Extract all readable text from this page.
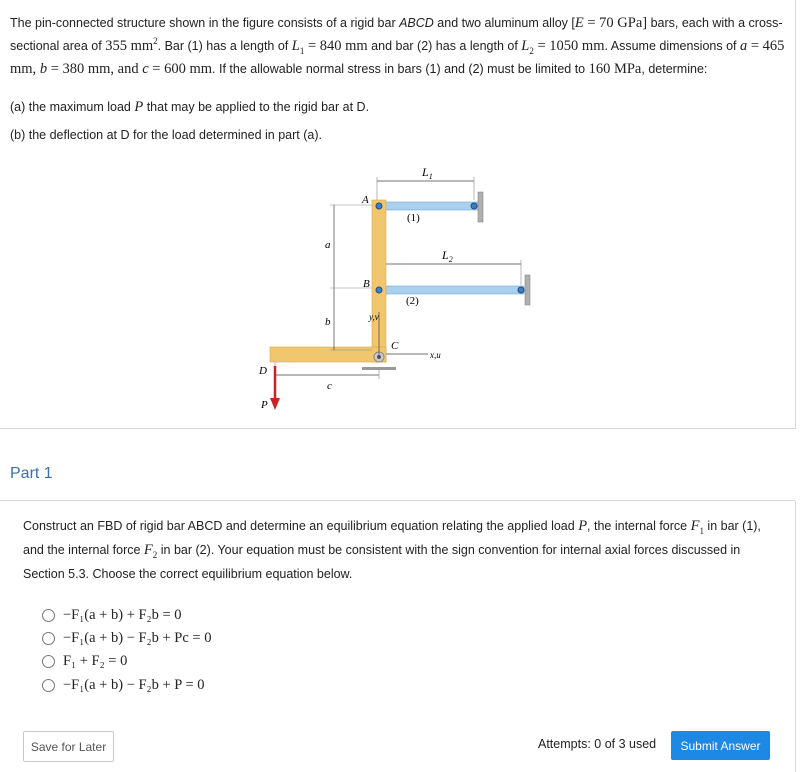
The pin-connected structure shown in the figure consists of a rigid bar ABCD and two aluminum alloy [E = 70 GPa] bars, each with a cross-sectional area of 355 $mm^2$. Bar (1) has a length of $L_1 = 840$ mm and bar (2) has a length of $L_2 = 1050$ mm. Assume dimensions of a = 465 mm, b = 380 mm, and c = 600 mm. If the allowable normal stress in bars (1) and (2) must be limited to 160 MPa, determine:
(a) the maximum load P that may be applied to the rigid bar at D.
(b) the deflection at D for the load determined in part (a).
$L_1$
$L_2$
(1)
(2)
y,v
x,u
a
b
c
A
B
C
D
P
Part 1
Construct an FBD of rigid bar ABCD and determine an equilibrium equation relating the applied load P, the internal force $F_1$ in bar (1), and the internal force $F_2$ in bar (2). Your equation must be consistent with the sign convention for internal axial forces discussed in Section 5.3. Choose the correct equilibrium equation below.
−F₁(a + b) + F₂b = 0
−F₁(a + b) − F₂b + Pc = 0
F₁ + F₂ = 0
−F₁(a + b) − F₂b + P = 0
Save for Later	Attempts: 0 of 3 used	Submit Answer
